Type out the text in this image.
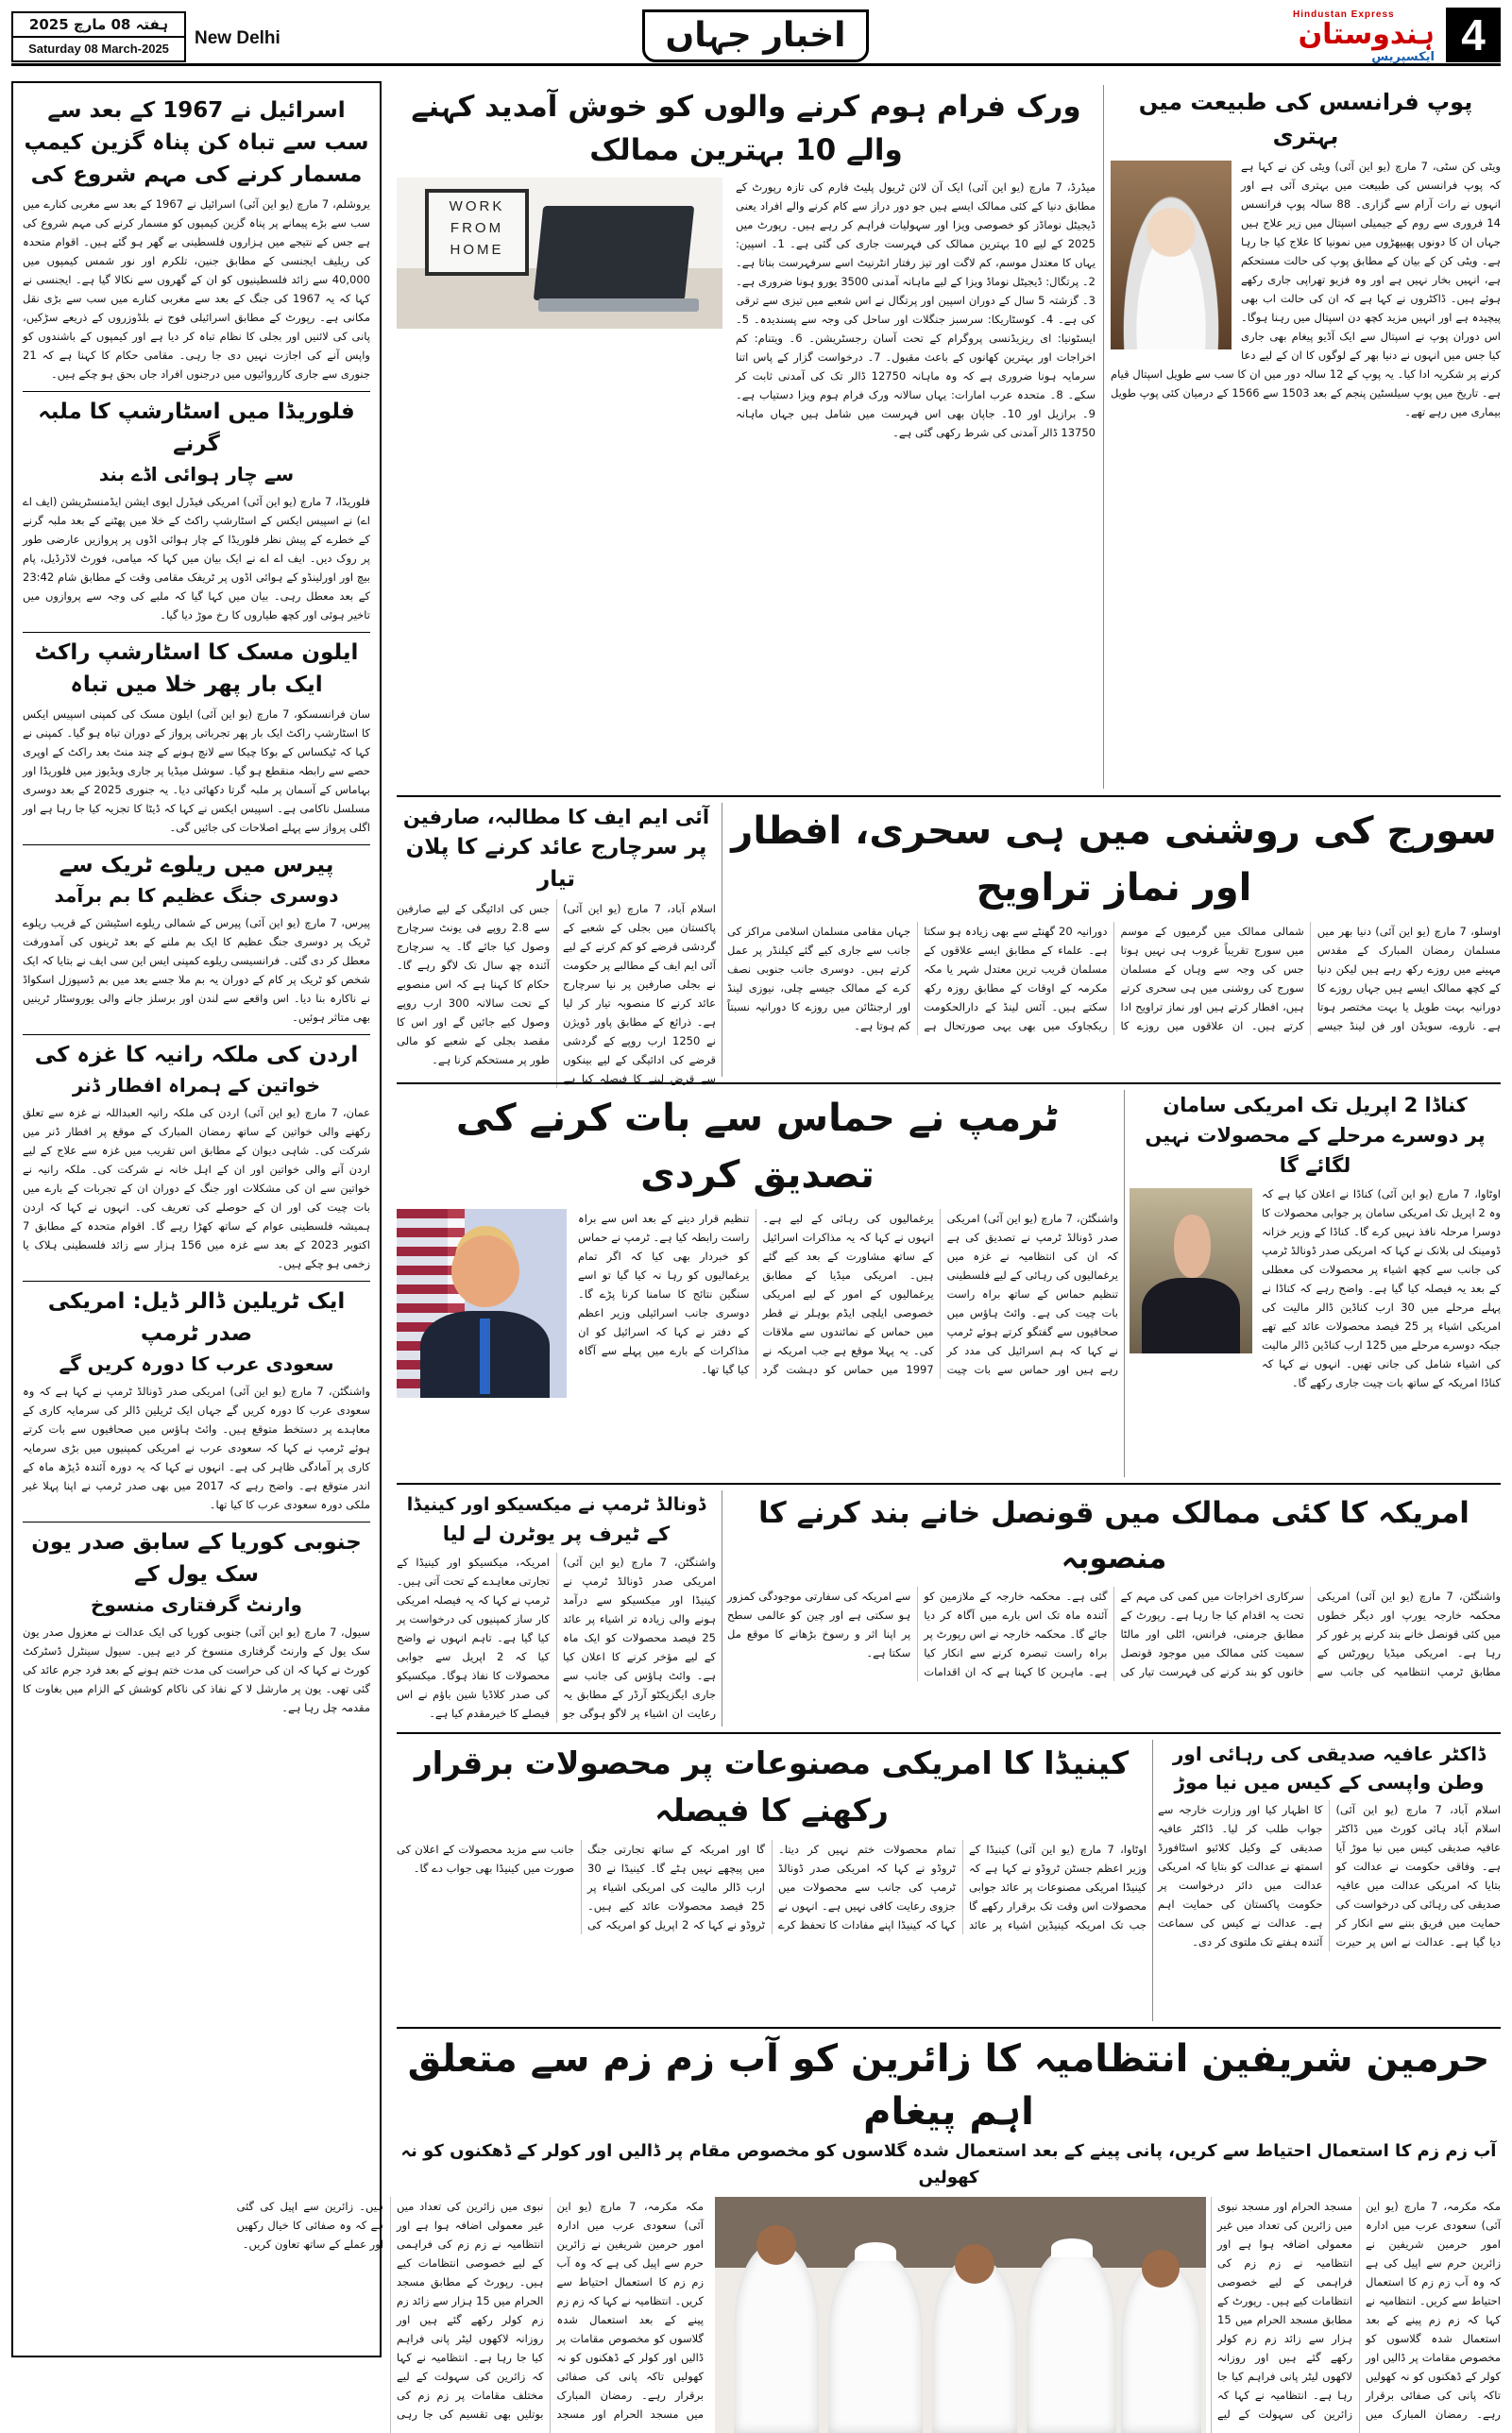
ہفتہ 08 مارچ 2025
Saturday 08 March-2025
New Delhi	اخبار جہاں
Hindustan Express
ہندوستان
ایکسپریس 4
اسرائیل نے 1967 کے بعد سے سب سے تباہ کن پناہ گزین کیمپ مسمار کرنے کی مہم شروع کی
یروشلم، 7 مارچ (یو این آئی) اسرائیل نے 1967 کے بعد سے مغربی کنارے میں سب سے بڑے پیمانے پر پناہ گزین کیمپوں کو مسمار کرنے کی مہم شروع کی ہے جس کے نتیجے میں ہزاروں فلسطینی بے گھر ہو گئے ہیں۔ اقوام متحدہ کی ریلیف ایجنسی کے مطابق جنین، تلکرم اور نور شمس کیمپوں میں 40,000 سے زائد فلسطینیوں کو ان کے گھروں سے نکالا گیا ہے۔ ایجنسی نے کہا کہ یہ 1967 کی جنگ کے بعد سے مغربی کنارے میں سب سے بڑی نقل مکانی ہے۔ رپورٹ کے مطابق اسرائیلی فوج نے بلڈوزروں کے ذریعے سڑکیں، پانی کی لائنیں اور بجلی کا نظام تباہ کر دیا ہے اور کیمپوں کے باشندوں کو واپس آنے کی اجازت نہیں دی جا رہی۔ مقامی حکام کا کہنا ہے کہ 21 جنوری سے جاری کارروائیوں میں درجنوں افراد جاں بحق ہو چکے ہیں۔
فلوریڈا میں اسٹارشپ کا ملبہ گرنے
سے چار ہوائی اڈے بند
فلوریڈا، 7 مارچ (یو این آئی) امریکی فیڈرل ایوی ایشن ایڈمنسٹریشن (ایف اے اے) نے اسپیس ایکس کے اسٹارشپ راکٹ کے خلا میں پھٹنے کے بعد ملبہ گرنے کے خطرے کے پیش نظر فلوریڈا کے چار ہوائی اڈوں پر پروازیں عارضی طور پر روک دیں۔ ایف اے اے نے ایک بیان میں کہا کہ میامی، فورٹ لاڈرڈیل، پام بیچ اور اورلینڈو کے ہوائی اڈوں پر ٹریفک مقامی وقت کے مطابق شام 23:42 کے بعد معطل رہی۔ بیان میں کہا گیا کہ ملبے کی وجہ سے پروازوں میں تاخیر ہوئی اور کچھ طیاروں کا رخ موڑ دیا گیا۔
ایلون مسک کا اسٹارشپ راکٹ ایک بار پھر خلا میں تباہ
سان فرانسسکو، 7 مارچ (یو این آئی) ایلون مسک کی کمپنی اسپیس ایکس کا اسٹارشپ راکٹ ایک بار پھر تجرباتی پرواز کے دوران تباہ ہو گیا۔ کمپنی نے کہا کہ ٹیکساس کے بوکا چیکا سے لانچ ہونے کے چند منٹ بعد راکٹ کے اوپری حصے سے رابطہ منقطع ہو گیا۔ سوشل میڈیا پر جاری ویڈیوز میں فلوریڈا اور بہاماس کے آسمان پر ملبہ گرتا دکھائی دیا۔ یہ جنوری 2025 کے بعد دوسری مسلسل ناکامی ہے۔ اسپیس ایکس نے کہا کہ ڈیٹا کا تجزیہ کیا جا رہا ہے اور اگلی پرواز سے پہلے اصلاحات کی جائیں گی۔
پیرس میں ریلوے ٹریک سے
دوسری جنگ عظیم کا بم برآمد
پیرس، 7 مارچ (یو این آئی) پیرس کے شمالی ریلوے اسٹیشن کے قریب ریلوے ٹریک پر دوسری جنگ عظیم کا ایک بم ملنے کے بعد ٹرینوں کی آمدورفت معطل کر دی گئی۔ فرانسیسی ریلوے کمپنی ایس این سی ایف نے بتایا کہ ایک شخص کو ٹریک پر کام کے دوران یہ بم ملا جسے بعد میں بم ڈسپوزل اسکواڈ نے ناکارہ بنا دیا۔ اس واقعے سے لندن اور برسلز جانے والی یوروسٹار ٹرینیں بھی متاثر ہوئیں۔
اردن کی ملکہ رانیہ کا غزہ کی
خواتین کے ہمراہ افطار ڈنر
عمان، 7 مارچ (یو این آئی) اردن کی ملکہ رانیہ العبداللہ نے غزہ سے تعلق رکھنے والی خواتین کے ساتھ رمضان المبارک کے موقع پر افطار ڈنر میں شرکت کی۔ شاہی دیوان کے مطابق اس تقریب میں غزہ سے علاج کے لیے اردن آنے والی خواتین اور ان کے اہل خانہ نے شرکت کی۔ ملکہ رانیہ نے خواتین سے ان کی مشکلات اور جنگ کے دوران ان کے تجربات کے بارے میں بات چیت کی اور ان کے حوصلے کی تعریف کی۔ انہوں نے کہا کہ اردن ہمیشہ فلسطینی عوام کے ساتھ کھڑا رہے گا۔ اقوام متحدہ کے مطابق 7 اکتوبر 2023 کے بعد سے غزہ میں 156 ہزار سے زائد فلسطینی ہلاک یا زخمی ہو چکے ہیں۔
ایک ٹریلین ڈالر ڈیل: امریکی صدر ٹرمپ
سعودی عرب کا دورہ کریں گے
واشنگٹن، 7 مارچ (یو این آئی) امریکی صدر ڈونالڈ ٹرمپ نے کہا ہے کہ وہ سعودی عرب کا دورہ کریں گے جہاں ایک ٹریلین ڈالر کی سرمایہ کاری کے معاہدے پر دستخط متوقع ہیں۔ وائٹ ہاؤس میں صحافیوں سے بات کرتے ہوئے ٹرمپ نے کہا کہ سعودی عرب نے امریکی کمپنیوں میں بڑی سرمایہ کاری پر آمادگی ظاہر کی ہے۔ انہوں نے کہا کہ یہ دورہ آئندہ ڈیڑھ ماہ کے اندر متوقع ہے۔ واضح رہے کہ 2017 میں بھی صدر ٹرمپ نے اپنا پہلا غیر ملکی دورہ سعودی عرب کا کیا تھا۔
جنوبی کوریا کے سابق صدر یون سک یول کے
وارنٹ گرفتاری منسوخ
سیول، 7 مارچ (یو این آئی) جنوبی کوریا کی ایک عدالت نے معزول صدر یون سک یول کے وارنٹ گرفتاری منسوخ کر دیے ہیں۔ سیول سینٹرل ڈسٹرکٹ کورٹ نے کہا کہ ان کی حراست کی مدت ختم ہونے کے بعد فرد جرم عائد کی گئی تھی۔ یون پر مارشل لا کے نفاذ کی ناکام کوشش کے الزام میں بغاوت کا مقدمہ چل رہا ہے۔
پوپ فرانسس کی طبیعت میں بہتری
ویٹی کن سٹی، 7 مارچ (یو این آئی) ویٹی کن نے کہا ہے کہ پوپ فرانسس کی طبیعت میں بہتری آئی ہے اور انہوں نے رات آرام سے گزاری۔ 88 سالہ پوپ فرانسس 14 فروری سے روم کے جیمیلی اسپتال میں زیر علاج ہیں جہاں ان کا دونوں پھیپھڑوں میں نمونیا کا علاج کیا جا رہا ہے۔ ویٹی کن کے بیان کے مطابق پوپ کی حالت مستحکم ہے، انہیں بخار نہیں ہے اور وہ فزیو تھراپی جاری رکھے ہوئے ہیں۔ ڈاکٹروں نے کہا ہے کہ ان کی حالت اب بھی پیچیدہ ہے اور انہیں مزید کچھ دن اسپتال میں رہنا ہوگا۔ اس دوران پوپ نے اسپتال سے ایک آڈیو پیغام بھی جاری کیا جس میں انہوں نے دنیا بھر کے لوگوں کا ان کے لیے دعا کرنے پر شکریہ ادا کیا۔ یہ پوپ کے 12 سالہ دور میں ان کا سب سے طویل اسپتال قیام ہے۔ تاریخ میں پوپ سیلسٹین پنجم کے بعد 1503 سے 1566 کے درمیان کئی پوپ طویل بیماری میں رہے تھے۔
ورک فرام ہوم کرنے والوں کو خوش آمدید کہنے والے 10 بہترین ممالک
WORK
FROM
HOME
میڈرڈ، 7 مارچ (یو این آئی) ایک آن لائن ٹریول پلیٹ فارم کی تازہ رپورٹ کے مطابق دنیا کے کئی ممالک ایسے ہیں جو دور دراز سے کام کرنے والے افراد یعنی ڈیجیٹل نوماڈز کو خصوصی ویزا اور سہولیات فراہم کر رہے ہیں۔ رپورٹ میں 2025 کے لیے 10 بہترین ممالک کی فہرست جاری کی گئی ہے۔ 1۔ اسپین: یہاں کا معتدل موسم، کم لاگت اور تیز رفتار انٹرنیٹ اسے سرفہرست بناتا ہے۔ 2۔ پرتگال: ڈیجیٹل نوماڈ ویزا کے لیے ماہانہ آمدنی 3500 یورو ہونا ضروری ہے۔ 3۔ گزشتہ 5 سال کے دوران اسپین اور پرتگال نے اس شعبے میں تیزی سے ترقی کی ہے۔ 4۔ کوسٹاریکا: سرسبز جنگلات اور ساحل کی وجہ سے پسندیدہ۔ 5۔ ایسٹونیا: ای ریزیڈنسی پروگرام کے تحت آسان رجسٹریشن۔ 6۔ ویتنام: کم اخراجات اور بہترین کھانوں کے باعث مقبول۔ 7۔ درخواست گزار کے پاس اتنا سرمایہ ہونا ضروری ہے کہ وہ ماہانہ 12750 ڈالر تک کی آمدنی ثابت کر سکے۔ 8۔ متحدہ عرب امارات: یہاں سالانہ ورک فرام ہوم ویزا دستیاب ہے۔ 9۔ برازیل اور 10۔ جاپان بھی اس فہرست میں شامل ہیں جہاں ماہانہ 13750 ڈالر آمدنی کی شرط رکھی گئی ہے۔
سورج کی روشنی میں ہی سحری، افطار اور نماز تراویح
اوسلو، 7 مارچ (یو این آئی) دنیا بھر میں مسلمان رمضان المبارک کے مقدس مہینے میں روزے رکھ رہے ہیں لیکن دنیا کے کچھ ممالک ایسے ہیں جہاں روزے کا دورانیہ بہت طویل یا بہت مختصر ہوتا ہے۔ ناروے، سویڈن اور فن لینڈ جیسے شمالی ممالک میں گرمیوں کے موسم میں سورج تقریباً غروب ہی نہیں ہوتا جس کی وجہ سے وہاں کے مسلمان سورج کی روشنی میں ہی سحری کرتے ہیں، افطار کرتے ہیں اور نماز تراویح ادا کرتے ہیں۔ ان علاقوں میں روزے کا دورانیہ 20 گھنٹے سے بھی زیادہ ہو سکتا ہے۔ علماء کے مطابق ایسے علاقوں کے مسلمان قریب ترین معتدل شہر یا مکہ مکرمہ کے اوقات کے مطابق روزہ رکھ سکتے ہیں۔ آئس لینڈ کے دارالحکومت ریکجاوک میں بھی یہی صورتحال ہے جہاں مقامی مسلمان اسلامی مراکز کی جانب سے جاری کیے گئے کیلنڈر پر عمل کرتے ہیں۔ دوسری جانب جنوبی نصف کرے کے ممالک جیسے چلی، نیوزی لینڈ اور ارجنٹائن میں روزے کا دورانیہ نسبتاً کم ہوتا ہے۔
آئی ایم ایف کا مطالبہ، صارفین
پر سرچارج عائد کرنے کا پلان تیار
اسلام آباد، 7 مارچ (یو این آئی) پاکستان میں بجلی کے شعبے کے گردشی قرضے کو کم کرنے کے لیے آئی ایم ایف کے مطالبے پر حکومت نے بجلی صارفین پر نیا سرچارج عائد کرنے کا منصوبہ تیار کر لیا ہے۔ ذرائع کے مطابق پاور ڈویژن نے 1250 ارب روپے کے گردشی قرضے کی ادائیگی کے لیے بینکوں سے قرض لینے کا فیصلہ کیا ہے جس کی ادائیگی کے لیے صارفین سے 2.8 روپے فی یونٹ سرچارج وصول کیا جائے گا۔ یہ سرچارج آئندہ چھ سال تک لاگو رہے گا۔ حکام کا کہنا ہے کہ اس منصوبے کے تحت سالانہ 300 ارب روپے وصول کیے جائیں گے اور اس کا مقصد بجلی کے شعبے کو مالی طور پر مستحکم کرنا ہے۔
کناڈا 2 اپریل تک امریکی سامان
پر دوسرے مرحلے کے محصولات نہیں لگائے گا
اوٹاوا، 7 مارچ (یو این آئی) کناڈا نے اعلان کیا ہے کہ وہ 2 اپریل تک امریکی سامان پر جوابی محصولات کا دوسرا مرحلہ نافذ نہیں کرے گا۔ کناڈا کے وزیر خزانہ ڈومینک لی بلانک نے کہا کہ امریکی صدر ڈونالڈ ٹرمپ کی جانب سے کچھ اشیاء پر محصولات کی معطلی کے بعد یہ فیصلہ کیا گیا ہے۔ واضح رہے کہ کناڈا نے پہلے مرحلے میں 30 ارب کناڈین ڈالر مالیت کی امریکی اشیاء پر 25 فیصد محصولات عائد کیے تھے جبکہ دوسرے مرحلے میں 125 ارب کناڈین ڈالر مالیت کی اشیاء شامل کی جانی تھیں۔ انہوں نے کہا کہ کناڈا امریکہ کے ساتھ بات چیت جاری رکھے گا۔
ٹرمپ نے حماس سے بات کرنے کی تصدیق کردی
واشنگٹن، 7 مارچ (یو این آئی) امریکی صدر ڈونالڈ ٹرمپ نے تصدیق کی ہے کہ ان کی انتظامیہ نے غزہ میں یرغمالیوں کی رہائی کے لیے فلسطینی تنظیم حماس کے ساتھ براہ راست بات چیت کی ہے۔ وائٹ ہاؤس میں صحافیوں سے گفتگو کرتے ہوئے ٹرمپ نے کہا کہ ہم اسرائیل کی مدد کر رہے ہیں اور حماس سے بات چیت یرغمالیوں کی رہائی کے لیے ہے۔ انہوں نے کہا کہ یہ مذاکرات اسرائیل کے ساتھ مشاورت کے بعد کیے گئے ہیں۔ امریکی میڈیا کے مطابق یرغمالیوں کے امور کے لیے امریکی خصوصی ایلچی ایڈم بوہلر نے قطر میں حماس کے نمائندوں سے ملاقات کی۔ یہ پہلا موقع ہے جب امریکہ نے 1997 میں حماس کو دہشت گرد تنظیم قرار دینے کے بعد اس سے براہ راست رابطہ کیا ہے۔ ٹرمپ نے حماس کو خبردار بھی کیا کہ اگر تمام یرغمالیوں کو رہا نہ کیا گیا تو اسے سنگین نتائج کا سامنا کرنا پڑے گا۔ دوسری جانب اسرائیلی وزیر اعظم کے دفتر نے کہا کہ اسرائیل کو ان مذاکرات کے بارے میں پہلے سے آگاہ کیا گیا تھا۔
امریکہ کا کئی ممالک میں قونصل خانے بند کرنے کا منصوبہ
واشنگٹن، 7 مارچ (یو این آئی) امریکی محکمہ خارجہ یورپ اور دیگر خطوں میں کئی قونصل خانے بند کرنے پر غور کر رہا ہے۔ امریکی میڈیا رپورٹس کے مطابق ٹرمپ انتظامیہ کی جانب سے سرکاری اخراجات میں کمی کی مہم کے تحت یہ اقدام کیا جا رہا ہے۔ رپورٹ کے مطابق جرمنی، فرانس، اٹلی اور مالٹا سمیت کئی ممالک میں موجود قونصل خانوں کو بند کرنے کی فہرست تیار کی گئی ہے۔ محکمہ خارجہ کے ملازمین کو آئندہ ماہ تک اس بارے میں آگاہ کر دیا جائے گا۔ محکمہ خارجہ نے اس رپورٹ پر براہ راست تبصرہ کرنے سے انکار کیا ہے۔ ماہرین کا کہنا ہے کہ ان اقدامات سے امریکہ کی سفارتی موجودگی کمزور ہو سکتی ہے اور چین کو عالمی سطح پر اپنا اثر و رسوخ بڑھانے کا موقع مل سکتا ہے۔
ڈونالڈ ٹرمپ نے میکسیکو اور کینیڈا
کے ٹیرف پر یوٹرن لے لیا
واشنگٹن، 7 مارچ (یو این آئی) امریکی صدر ڈونالڈ ٹرمپ نے کینیڈا اور میکسیکو سے درآمد ہونے والی زیادہ تر اشیاء پر عائد 25 فیصد محصولات کو ایک ماہ کے لیے مؤخر کرنے کا اعلان کیا ہے۔ وائٹ ہاؤس کی جانب سے جاری ایگزیکٹو آرڈر کے مطابق یہ رعایت ان اشیاء پر لاگو ہوگی جو امریکہ، میکسیکو اور کینیڈا کے تجارتی معاہدے کے تحت آتی ہیں۔ ٹرمپ نے کہا کہ یہ فیصلہ امریکی کار ساز کمپنیوں کی درخواست پر کیا گیا ہے۔ تاہم انہوں نے واضح کیا کہ 2 اپریل سے جوابی محصولات کا نفاذ ہوگا۔ میکسیکو کی صدر کلاڈیا شین باؤم نے اس فیصلے کا خیرمقدم کیا ہے۔
ڈاکٹر عافیہ صدیقی کی رہائی اور
وطن واپسی کے کیس میں نیا موڑ
اسلام آباد، 7 مارچ (یو این آئی) اسلام آباد ہائی کورٹ میں ڈاکٹر عافیہ صدیقی کیس میں نیا موڑ آیا ہے۔ وفاقی حکومت نے عدالت کو بتایا کہ امریکی عدالت میں عافیہ صدیقی کی رہائی کی درخواست کی حمایت میں فریق بننے سے انکار کر دیا گیا ہے۔ عدالت نے اس پر حیرت کا اظہار کیا اور وزارت خارجہ سے جواب طلب کر لیا۔ ڈاکٹر عافیہ صدیقی کے وکیل کلائیو اسٹافورڈ اسمتھ نے عدالت کو بتایا کہ امریکی عدالت میں دائر درخواست پر حکومت پاکستان کی حمایت اہم ہے۔ عدالت نے کیس کی سماعت آئندہ ہفتے تک ملتوی کر دی۔
کینیڈا کا امریکی مصنوعات پر محصولات برقرار رکھنے کا فیصلہ
اوٹاوا، 7 مارچ (یو این آئی) کینیڈا کے وزیر اعظم جسٹن ٹروڈو نے کہا ہے کہ کینیڈا امریکی مصنوعات پر عائد جوابی محصولات اس وقت تک برقرار رکھے گا جب تک امریکہ کینیڈین اشیاء پر عائد تمام محصولات ختم نہیں کر دیتا۔ ٹروڈو نے کہا کہ امریکی صدر ڈونالڈ ٹرمپ کی جانب سے محصولات میں جزوی رعایت کافی نہیں ہے۔ انہوں نے کہا کہ کینیڈا اپنے مفادات کا تحفظ کرے گا اور امریکہ کے ساتھ تجارتی جنگ میں پیچھے نہیں ہٹے گا۔ کینیڈا نے 30 ارب ڈالر مالیت کی امریکی اشیاء پر 25 فیصد محصولات عائد کیے ہیں۔ ٹروڈو نے کہا کہ 2 اپریل کو امریکہ کی جانب سے مزید محصولات کے اعلان کی صورت میں کینیڈا بھی جواب دے گا۔
حرمین شریفین انتظامیہ کا زائرین کو آب زم زم سے متعلق اہم پیغام
آب زم زم کا استعمال احتیاط سے کریں، پانی پینے کے بعد استعمال شدہ گلاسوں کو مخصوص مقام پر ڈالیں اور کولر کے ڈھکنوں کو نہ کھولیں
مکہ مکرمہ، 7 مارچ (یو این آئی) سعودی عرب میں ادارہ امور حرمین شریفین نے زائرین حرم سے اپیل کی ہے کہ وہ آب زم زم کا استعمال احتیاط سے کریں۔ انتظامیہ نے کہا کہ زم زم پینے کے بعد استعمال شدہ گلاسوں کو مخصوص مقامات پر ڈالیں اور کولر کے ڈھکنوں کو نہ کھولیں تاکہ پانی کی صفائی برقرار رہے۔ رمضان المبارک میں مسجد الحرام اور مسجد نبوی میں زائرین کی تعداد میں غیر معمولی اضافہ ہوا ہے اور انتظامیہ نے زم زم کی فراہمی کے لیے خصوصی انتظامات کیے ہیں۔ رپورٹ کے مطابق مسجد الحرام میں 15 ہزار سے زائد زم زم کولر رکھے گئے ہیں اور روزانہ لاکھوں لیٹر پانی فراہم کیا جا رہا ہے۔ انتظامیہ نے کہا کہ زائرین کی سہولت کے لیے
مکہ مکرمہ، 7 مارچ (یو این آئی) سعودی عرب میں ادارہ امور حرمین شریفین نے زائرین حرم سے اپیل کی ہے کہ وہ آب زم زم کا استعمال احتیاط سے کریں۔ انتظامیہ نے کہا کہ زم زم پینے کے بعد استعمال شدہ گلاسوں کو مخصوص مقامات پر ڈالیں اور کولر کے ڈھکنوں کو نہ کھولیں تاکہ پانی کی صفائی برقرار رہے۔ رمضان المبارک میں مسجد الحرام اور مسجد نبوی میں زائرین کی تعداد میں غیر معمولی اضافہ ہوا ہے اور انتظامیہ نے زم زم کی فراہمی کے لیے خصوصی انتظامات کیے ہیں۔ رپورٹ کے مطابق مسجد الحرام میں 15 ہزار سے زائد زم زم کولر رکھے گئے ہیں اور روزانہ لاکھوں لیٹر پانی فراہم کیا جا رہا ہے۔ انتظامیہ نے کہا کہ زائرین کی سہولت کے لیے مختلف مقامات پر زم زم کی بوتلیں بھی تقسیم کی جا رہی ہیں۔ زائرین سے اپیل کی گئی ہے کہ وہ صفائی کا خیال رکھیں اور عملے کے ساتھ تعاون کریں۔
